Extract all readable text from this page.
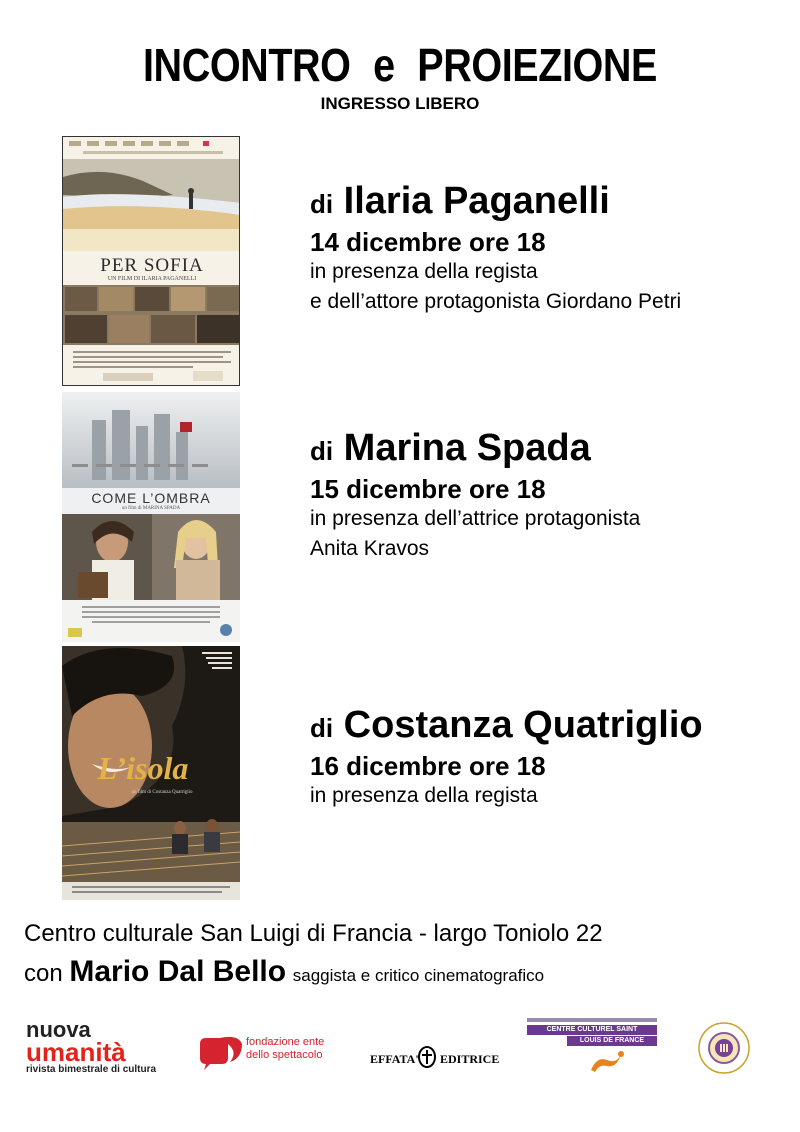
INCONTRO e PROIEZIONE
INGRESSO LIBERO
PER SOFIA
UN FILM DI ILARIA PAGANELLI
COME L’OMBRA
un film di MARINA SPADA
L’isola
un film di Costanza Quatriglio
di Ilaria Paganelli
14 dicembre ore 18
in presenza della regista
e dell’attore protagonista Giordano Petri
di Marina Spada
15 dicembre ore 18
in presenza dell’attrice protagonista
Anita Kravos
di Costanza Quatriglio
16 dicembre ore 18
in presenza della regista
Centro culturale San Luigi di Francia - largo Toniolo 22
con Mario Dal Bello saggista e critico cinematografico
nuova
umanità
rivista bimestrale di cultura
fondazione ente
dello spettacolo	EFFATA' EDITRICE
CENTRE CULTUREL SAINT
LOUIS DE FRANCE
